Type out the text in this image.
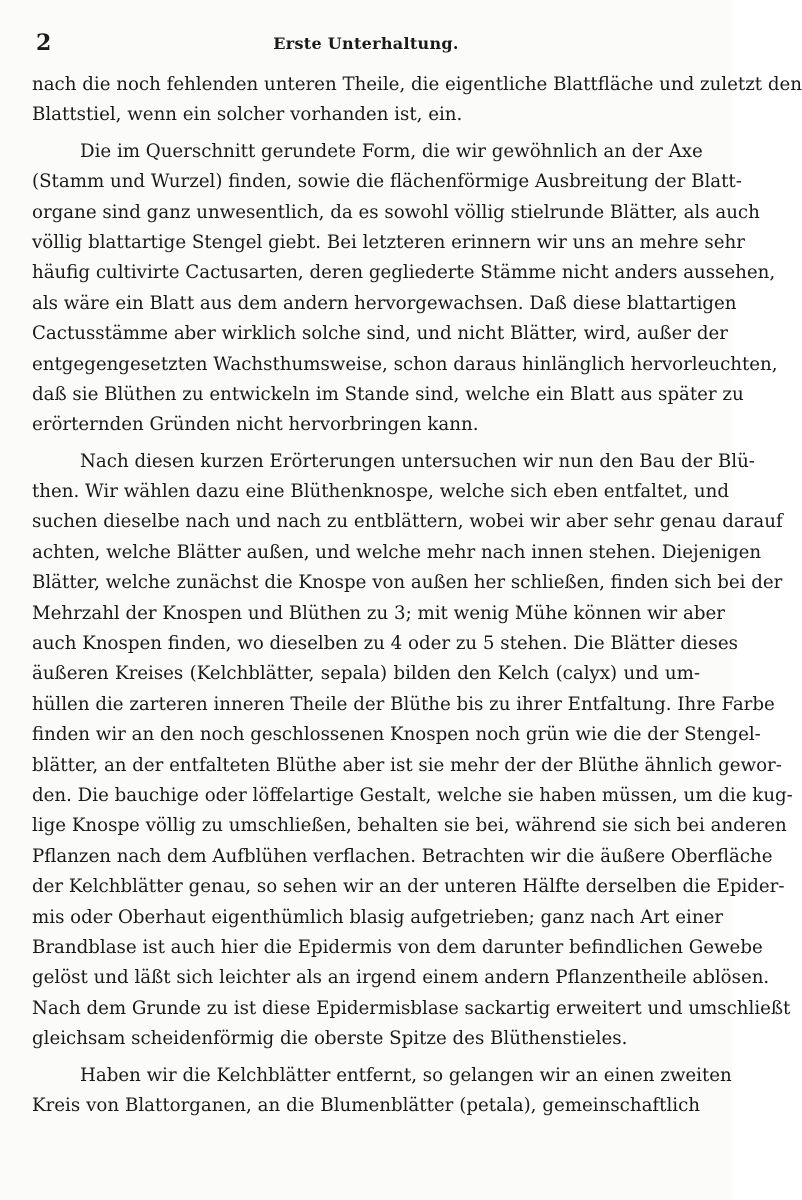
2	Erste Unterhaltung.
nach die noch fehlenden unteren Theile, die eigentliche Blattfläche und zuletzt den
Blattstiel, wenn ein solcher vorhanden ist, ein.
Die im Querschnitt gerundete Form, die wir gewöhnlich an der Axe
(Stamm und Wurzel) finden, sowie die flächenförmige Ausbreitung der Blatt-
organe sind ganz unwesentlich, da es sowohl völlig stielrunde Blätter, als auch
völlig blattartige Stengel giebt. Bei letzteren erinnern wir uns an mehre sehr
häufig cultivirte Cactusarten, deren gegliederte Stämme nicht anders aussehen,
als wäre ein Blatt aus dem andern hervorgewachsen. Daß diese blattartigen
Cactusstämme aber wirklich solche sind, und nicht Blätter, wird, außer der
entgegengesetzten Wachsthumsweise, schon daraus hinlänglich hervorleuchten,
daß sie Blüthen zu entwickeln im Stande sind, welche ein Blatt aus später zu
erörternden Gründen nicht hervorbringen kann.
Nach diesen kurzen Erörterungen untersuchen wir nun den Bau der Blü-
then. Wir wählen dazu eine Blüthenknospe, welche sich eben entfaltet, und
suchen dieselbe nach und nach zu entblättern, wobei wir aber sehr genau darauf
achten, welche Blätter außen, und welche mehr nach innen stehen. Diejenigen
Blätter, welche zunächst die Knospe von außen her schließen, finden sich bei der
Mehrzahl der Knospen und Blüthen zu 3; mit wenig Mühe können wir aber
auch Knospen finden, wo dieselben zu 4 oder zu 5 stehen. Die Blätter dieses
äußeren Kreises (Kelchblätter, sepala) bilden den Kelch (calyx) und um-
hüllen die zarteren inneren Theile der Blüthe bis zu ihrer Entfaltung. Ihre Farbe
finden wir an den noch geschlossenen Knospen noch grün wie die der Stengel-
blätter, an der entfalteten Blüthe aber ist sie mehr der der Blüthe ähnlich gewor-
den. Die bauchige oder löffelartige Gestalt, welche sie haben müssen, um die kug-
lige Knospe völlig zu umschließen, behalten sie bei, während sie sich bei anderen
Pflanzen nach dem Aufblühen verflachen. Betrachten wir die äußere Oberfläche
der Kelchblätter genau, so sehen wir an der unteren Hälfte derselben die Epider-
mis oder Oberhaut eigenthümlich blasig aufgetrieben; ganz nach Art einer
Brandblase ist auch hier die Epidermis von dem darunter befindlichen Gewebe
gelöst und läßt sich leichter als an irgend einem andern Pflanzentheile ablösen.
Nach dem Grunde zu ist diese Epidermisblase sackartig erweitert und umschließt
gleichsam scheidenförmig die oberste Spitze des Blüthenstieles.
Haben wir die Kelchblätter entfernt, so gelangen wir an einen zweiten
Kreis von Blattorganen, an die Blumenblätter (petala), gemeinschaftlich
